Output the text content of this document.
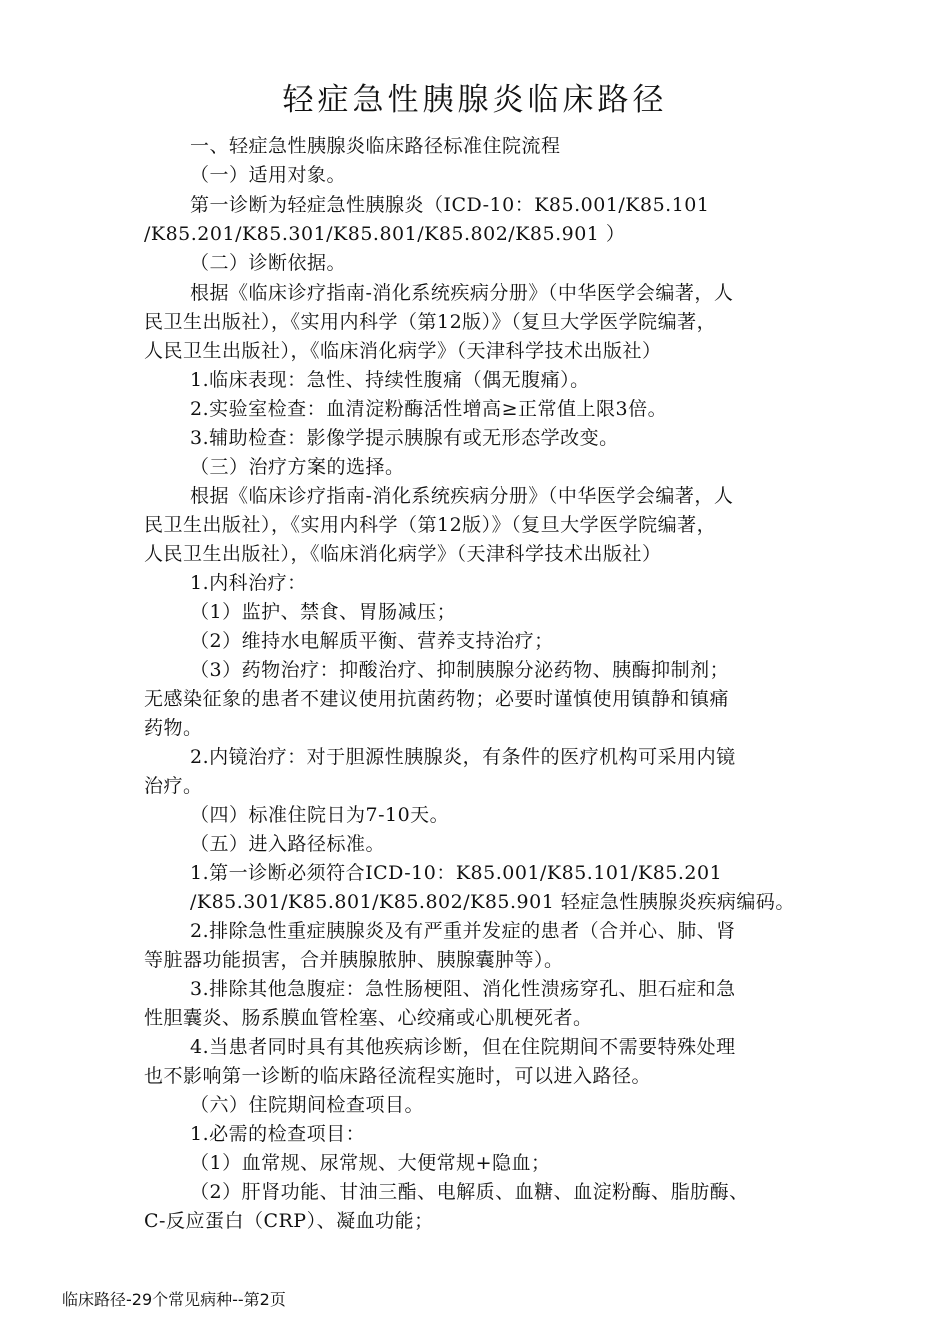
轻症急性胰腺炎临床路径
一、轻症急性胰腺炎临床路径标准住院流程
（一）适用对象。
第一诊断为轻症急性胰腺炎（ICD-10：K85.001/K85.101
/K85.201/K85.301/K85.801/K85.802/K85.901 ）
（二）诊断依据。
根据《临床诊疗指南-消化系统疾病分册》（中华医学会编著，人
民卫生出版社），《实用内科学（第12版）》（复旦大学医学院编著，
人民卫生出版社），《临床消化病学》（天津科学技术出版社）
1.临床表现：急性、持续性腹痛（偶无腹痛）。
2.实验室检查：血清淀粉酶活性增高≥正常值上限3倍。
3.辅助检查：影像学提示胰腺有或无形态学改变。
（三）治疗方案的选择。
根据《临床诊疗指南-消化系统疾病分册》（中华医学会编著，人
民卫生出版社），《实用内科学（第12版）》（复旦大学医学院编著，
人民卫生出版社），《临床消化病学》（天津科学技术出版社）
1.内科治疗：
（1）监护、禁食、胃肠减压；
（2）维持水电解质平衡、营养支持治疗；
（3）药物治疗：抑酸治疗、抑制胰腺分泌药物、胰酶抑制剂；
无感染征象的患者不建议使用抗菌药物；必要时谨慎使用镇静和镇痛
药物。
2.内镜治疗：对于胆源性胰腺炎，有条件的医疗机构可采用内镜
治疗。
（四）标准住院日为7-10天。
（五）进入路径标准。
1.第一诊断必须符合ICD-10：K85.001/K85.101/K85.201
/K85.301/K85.801/K85.802/K85.901 轻症急性胰腺炎疾病编码。
2.排除急性重症胰腺炎及有严重并发症的患者（合并心、肺、肾
等脏器功能损害，合并胰腺脓肿、胰腺囊肿等）。
3.排除其他急腹症：急性肠梗阻、消化性溃疡穿孔、胆石症和急
性胆囊炎、肠系膜血管栓塞、心绞痛或心肌梗死者。
4.当患者同时具有其他疾病诊断，但在住院期间不需要特殊处理
也不影响第一诊断的临床路径流程实施时，可以进入路径。
（六）住院期间检查项目。
1.必需的检查项目：
（1）血常规、尿常规、大便常规+隐血；
（2）肝肾功能、甘油三酯、电解质、血糖、血淀粉酶、脂肪酶、
C-反应蛋白（CRP）、凝血功能；
临床路径-29个常见病种--第2页
